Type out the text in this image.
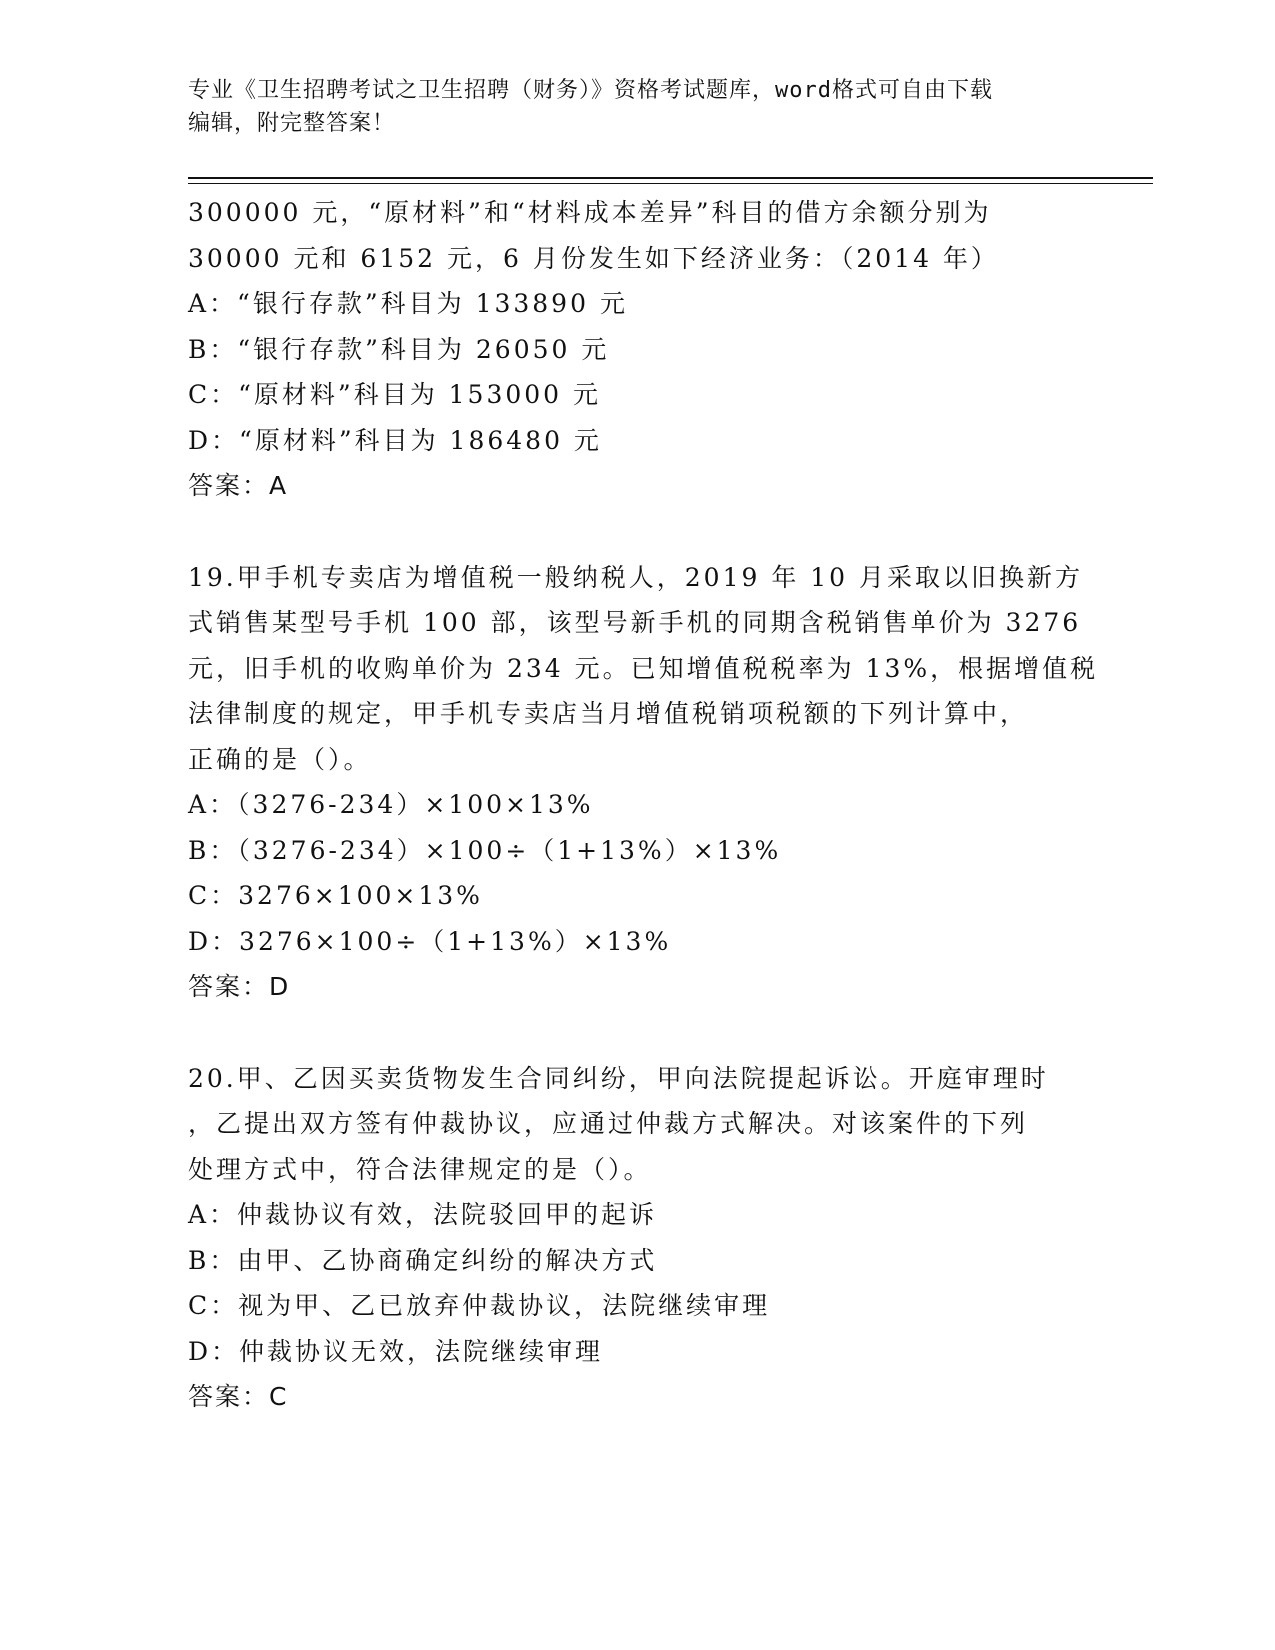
专业《卫生招聘考试之卫生招聘（财务）》资格考试题库，word格式可自由下载
编辑，附完整答案！
300000 元，“原材料”和“材料成本差异”科目的借方余额分别为
30000 元和 6152 元，6 月份发生如下经济业务：（2014 年）
A：“银行存款”科目为 133890 元
B：“银行存款”科目为 26050 元
C：“原材料”科目为 153000 元
D：“原材料”科目为 186480 元
答案：A
19.甲手机专卖店为增值税一般纳税人，2019 年 10 月采取以旧换新方
式销售某型号手机 100 部，该型号新手机的同期含税销售单价为 3276
元，旧手机的收购单价为 234 元。已知增值税税率为 13%，根据增值税
法律制度的规定，甲手机专卖店当月增值税销项税额的下列计算中，
正确的是（）。
A：（3276-234）×100×13%
B：（3276-234）×100÷（1+13%）×13%
C：3276×100×13%
D：3276×100÷（1+13%）×13%
答案：D
20.甲、乙因买卖货物发生合同纠纷，甲向法院提起诉讼。开庭审理时
，乙提出双方签有仲裁协议，应通过仲裁方式解决。对该案件的下列
处理方式中，符合法律规定的是（）。
A：仲裁协议有效，法院驳回甲的起诉
B：由甲、乙协商确定纠纷的解决方式
C：视为甲、乙已放弃仲裁协议，法院继续审理
D：仲裁协议无效，法院继续审理
答案：C
